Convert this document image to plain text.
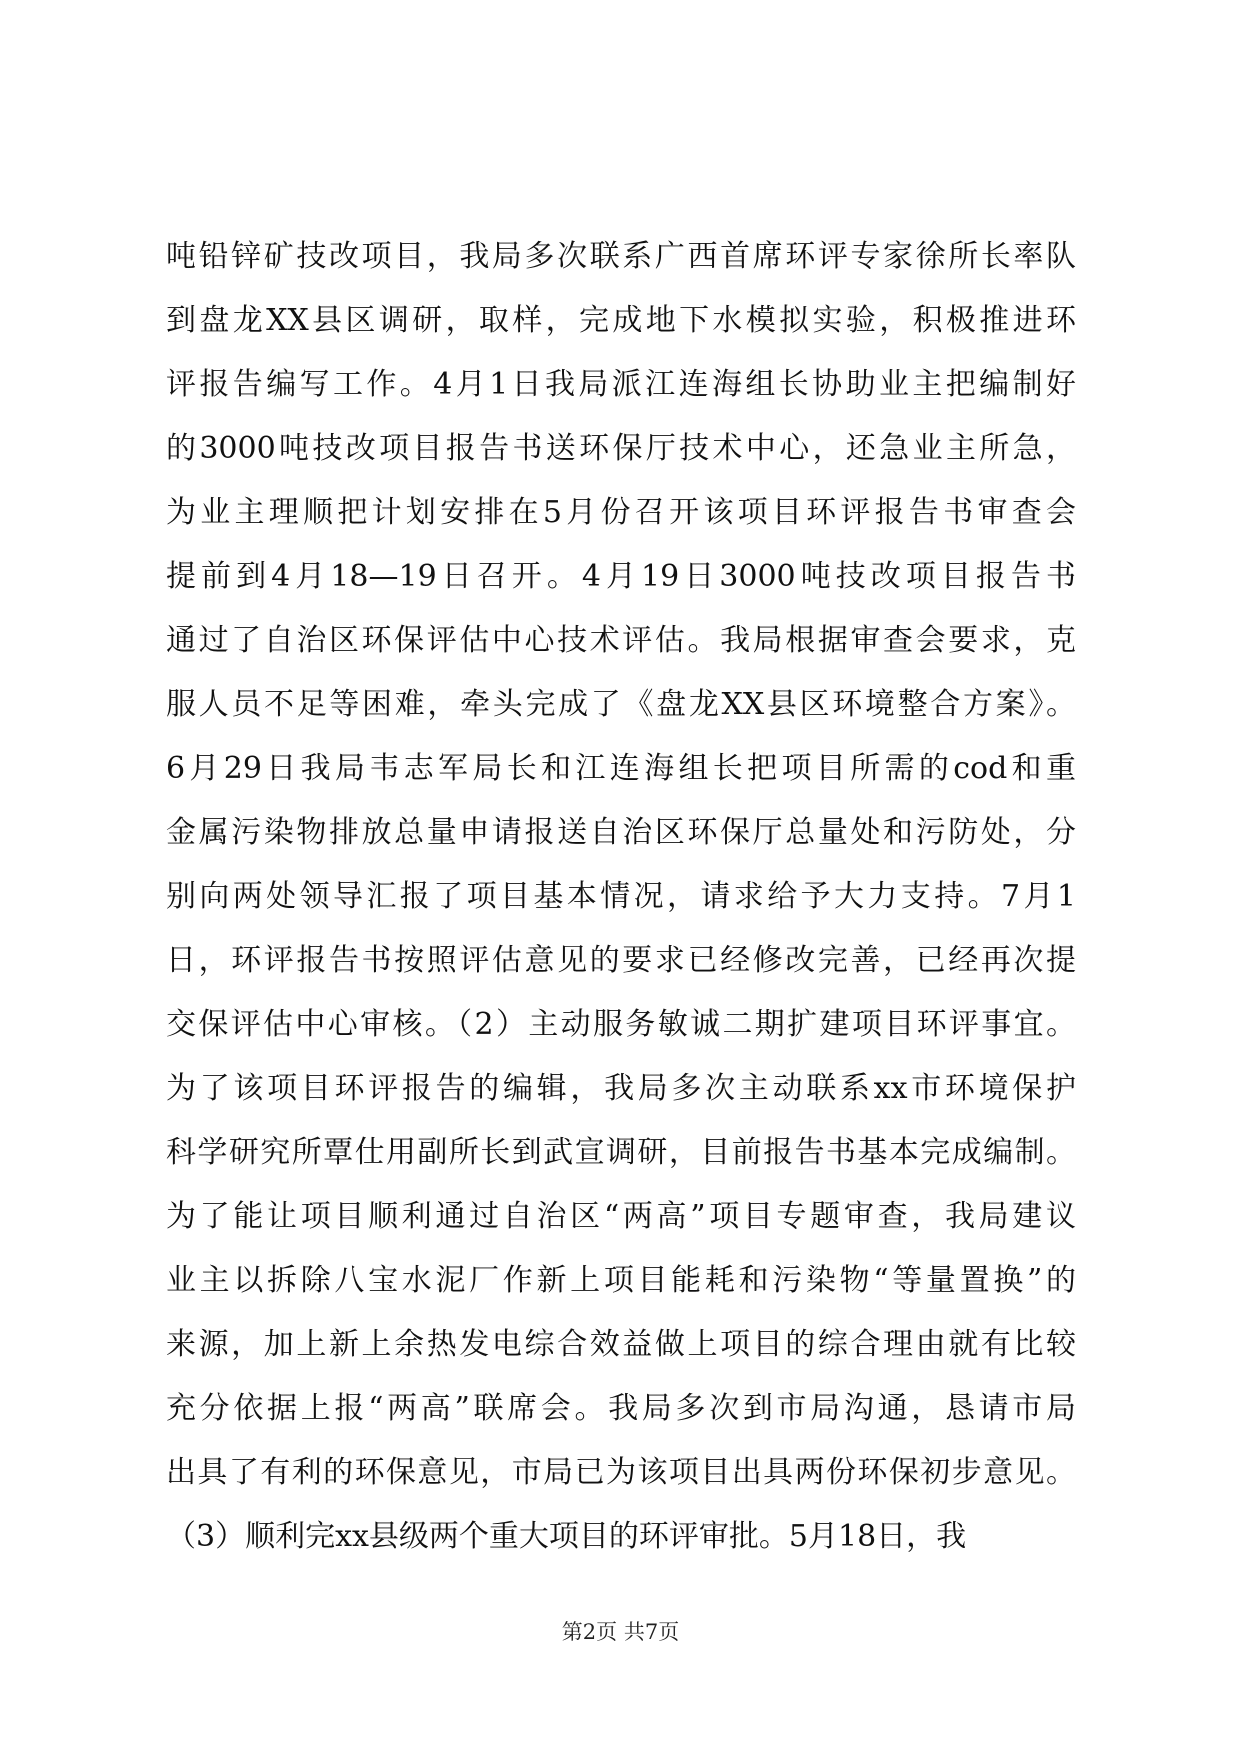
吨铅锌矿技改项目，我局多次联系广西首席环评专家徐所长率队
到盘龙XX县区调研，取样，完成地下水模拟实验，积极推进环
评报告编写工作。4月1日我局派江连海组长协助业主把编制好
的3000吨技改项目报告书送环保厅技术中心，还急业主所急，
为业主理顺把计划安排在5月份召开该项目环评报告书审查会
提前到4月18—19日召开。4月19日3000吨技改项目报告书
通过了自治区环保评估中心技术评估。我局根据审查会要求，克
服人员不足等困难，牵头完成了《盘龙XX县区环境整合方案》。
6月29日我局韦志军局长和江连海组长把项目所需的cod和重
金属污染物排放总量申请报送自治区环保厅总量处和污防处，分
别向两处领导汇报了项目基本情况，请求给予大力支持。7月1
日，环评报告书按照评估意见的要求已经修改完善，已经再次提
交保评估中心审核。（2）主动服务敏诚二期扩建项目环评事宜。
为了该项目环评报告的编辑，我局多次主动联系xx市环境保护
科学研究所覃仕用副所长到武宣调研，目前报告书基本完成编制。
为了能让项目顺利通过自治区“两高”项目专题审查，我局建议
业主以拆除八宝水泥厂作新上项目能耗和污染物“等量置换”的
来源，加上新上余热发电综合效益做上项目的综合理由就有比较
充分依据上报“两高”联席会。我局多次到市局沟通，恳请市局
出具了有利的环保意见，市局已为该项目出具两份环保初步意见。
（3）顺利完xx县级两个重大项目的环评审批。5月18日，我
第2页 共7页
